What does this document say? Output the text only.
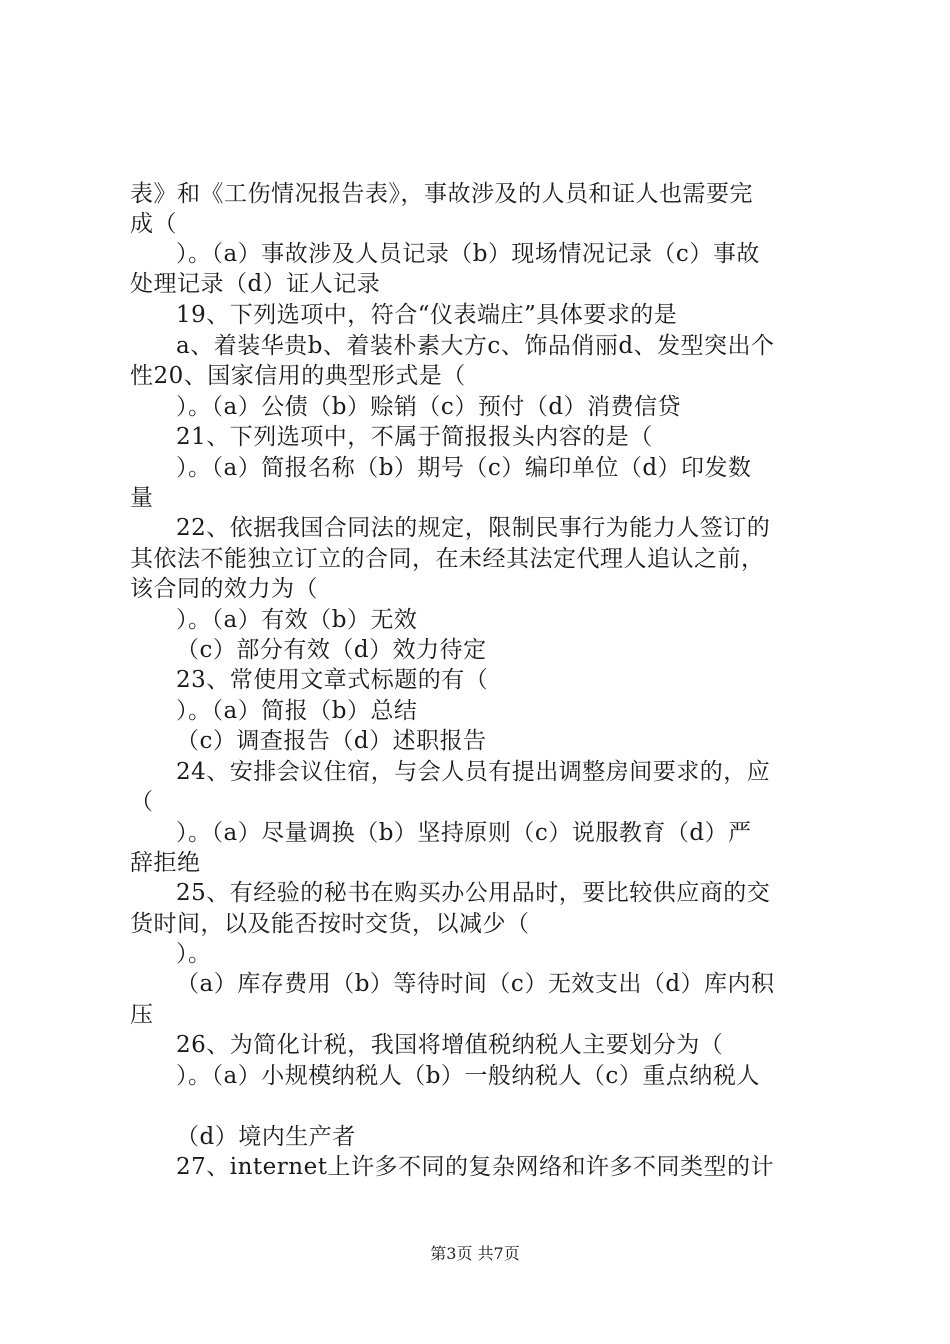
表》和《工伤情况报告表》，事故涉及的人员和证人也需要完
成（
）。（a）事故涉及人员记录（b）现场情况记录（c）事故
处理记录（d）证人记录
19、下列选项中，符合“仪表端庄”具体要求的是
a、着装华贵b、着装朴素大方c、饰品俏丽d、发型突出个
性20、国家信用的典型形式是（
）。（a）公债（b）赊销（c）预付（d）消费信贷
21、下列选项中，不属于简报报头内容的是（
）。（a）简报名称（b）期号（c）编印单位（d）印发数
量
22、依据我国合同法的规定，限制民事行为能力人签订的
其依法不能独立订立的合同，在未经其法定代理人追认之前，
该合同的效力为（
）。（a）有效（b）无效
（c）部分有效（d）效力待定
23、常使用文章式标题的有（
）。（a）简报（b）总结
（c）调查报告（d）述职报告
24、安排会议住宿，与会人员有提出调整房间要求的，应
（
）。（a）尽量调换（b）坚持原则（c）说服教育（d）严
辞拒绝
25、有经验的秘书在购买办公用品时，要比较供应商的交
货时间，以及能否按时交货，以减少（
）。
（a）库存费用（b）等待时间（c）无效支出（d）库内积
压
26、为简化计税，我国将增值税纳税人主要划分为（
）。（a）小规模纳税人（b）一般纳税人（c）重点纳税人
（d）境内生产者
27、internet上许多不同的复杂网络和许多不同类型的计
第3页 共7页
